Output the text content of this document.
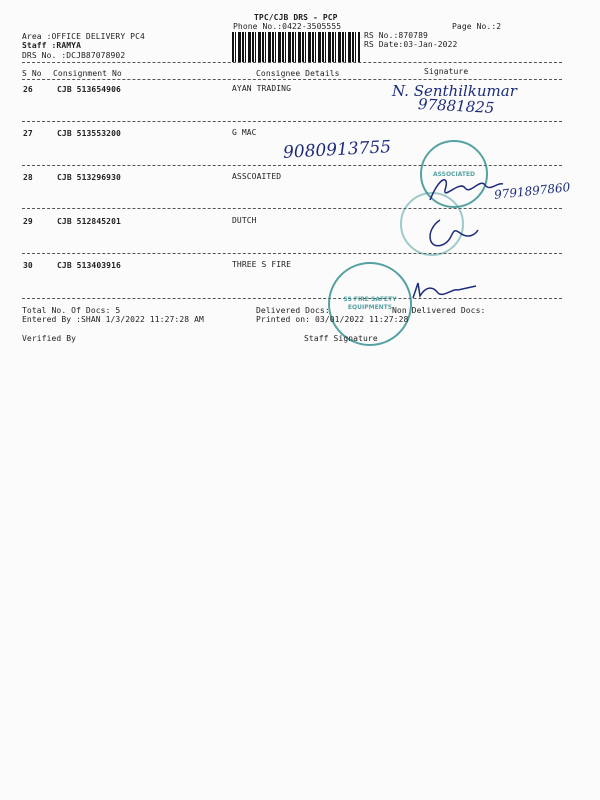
TPC/CJB DRS - PCP
Phone No.:0422-3505555	Page No.:2
Area :OFFICE DELIVERY PC4
Staff :RAMYA
DRS No. :DCJB87078902
RS No.:870789
RS Date:03-Jan-2022
S No Consignment No	Consignee Details	Signature
26	CJB 513654906	AYAN TRADING
27	CJB 513553200	G MAC
28	CJB 513296930	ASSCOAITED
29	CJB 512845201	DUTCH
30	CJB 513403916	THREE S FIRE
N. Senthilkumar
97881825
9080913755
9791897860
ASSOCIATED
SS FIRE SAFETY EQUIPMENTS
Total No. Of Docs: 5	Delivered Docs:	Non Delivered Docs:
Entered By :SHAN 1/3/2022 11:27:28 AM	Printed on: 03/01/2022 11:27:28
Verified By	Staff Signature
